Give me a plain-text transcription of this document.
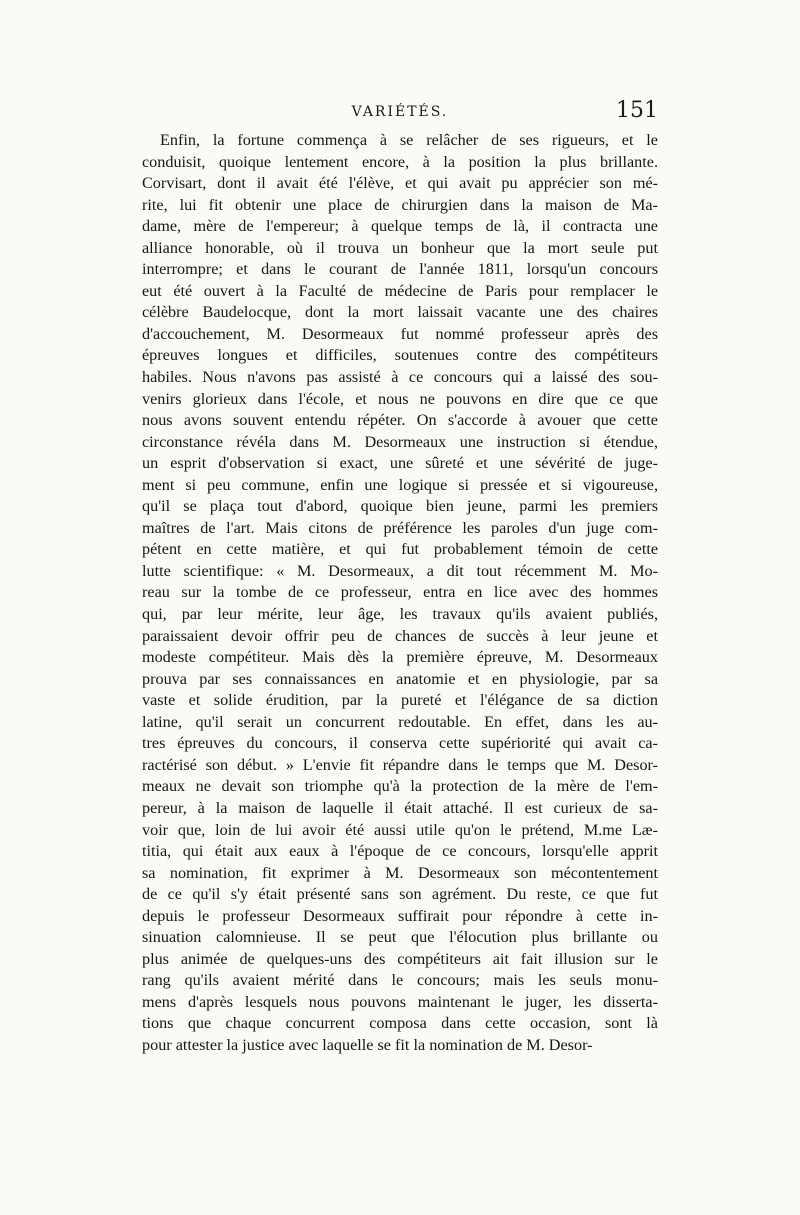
VARIÉTÉS.	151
Enfin, la fortune commença à se relâcher de ses rigueurs, et le
conduisit, quoique lentement encore, à la position la plus brillante.
Corvisart, dont il avait été l'élève, et qui avait pu apprécier son mé-
rite, lui fit obtenir une place de chirurgien dans la maison de Ma-
dame, mère de l'empereur; à quelque temps de là, il contracta une
alliance honorable, où il trouva un bonheur que la mort seule put
interrompre; et dans le courant de l'année 1811, lorsqu'un concours
eut été ouvert à la Faculté de médecine de Paris pour remplacer le
célèbre Baudelocque, dont la mort laissait vacante une des chaires
d'accouchement, M. Desormeaux fut nommé professeur après des
épreuves longues et difficiles, soutenues contre des compétiteurs
habiles. Nous n'avons pas assisté à ce concours qui a laissé des sou-
venirs glorieux dans l'école, et nous ne pouvons en dire que ce que
nous avons souvent entendu répéter. On s'accorde à avouer que cette
circonstance révéla dans M. Desormeaux une instruction si étendue,
un esprit d'observation si exact, une sûreté et une sévérité de juge-
ment si peu commune, enfin une logique si pressée et si vigoureuse,
qu'il se plaça tout d'abord, quoique bien jeune, parmi les premiers
maîtres de l'art. Mais citons de préférence les paroles d'un juge com-
pétent en cette matière, et qui fut probablement témoin de cette
lutte scientifique: « M. Desormeaux, a dit tout récemment M. Mo-
reau sur la tombe de ce professeur, entra en lice avec des hommes
qui, par leur mérite, leur âge, les travaux qu'ils avaient publiés,
paraissaient devoir offrir peu de chances de succès à leur jeune et
modeste compétiteur. Mais dès la première épreuve, M. Desormeaux
prouva par ses connaissances en anatomie et en physiologie, par sa
vaste et solide érudition, par la pureté et l'élégance de sa diction
latine, qu'il serait un concurrent redoutable. En effet, dans les au-
tres épreuves du concours, il conserva cette supériorité qui avait ca-
ractérisé son début. » L'envie fit répandre dans le temps que M. Desor-
meaux ne devait son triomphe qu'à la protection de la mère de l'em-
pereur, à la maison de laquelle il était attaché. Il est curieux de sa-
voir que, loin de lui avoir été aussi utile qu'on le prétend, M.me Læ-
titia, qui était aux eaux à l'époque de ce concours, lorsqu'elle apprit
sa nomination, fit exprimer à M. Desormeaux son mécontentement
de ce qu'il s'y était présenté sans son agrément. Du reste, ce que fut
depuis le professeur Desormeaux suffirait pour répondre à cette in-
sinuation calomnieuse. Il se peut que l'élocution plus brillante ou
plus animée de quelques-uns des compétiteurs ait fait illusion sur le
rang qu'ils avaient mérité dans le concours; mais les seuls monu-
mens d'après lesquels nous pouvons maintenant le juger, les disserta-
tions que chaque concurrent composa dans cette occasion, sont là
pour attester la justice avec laquelle se fit la nomination de M. Desor-
